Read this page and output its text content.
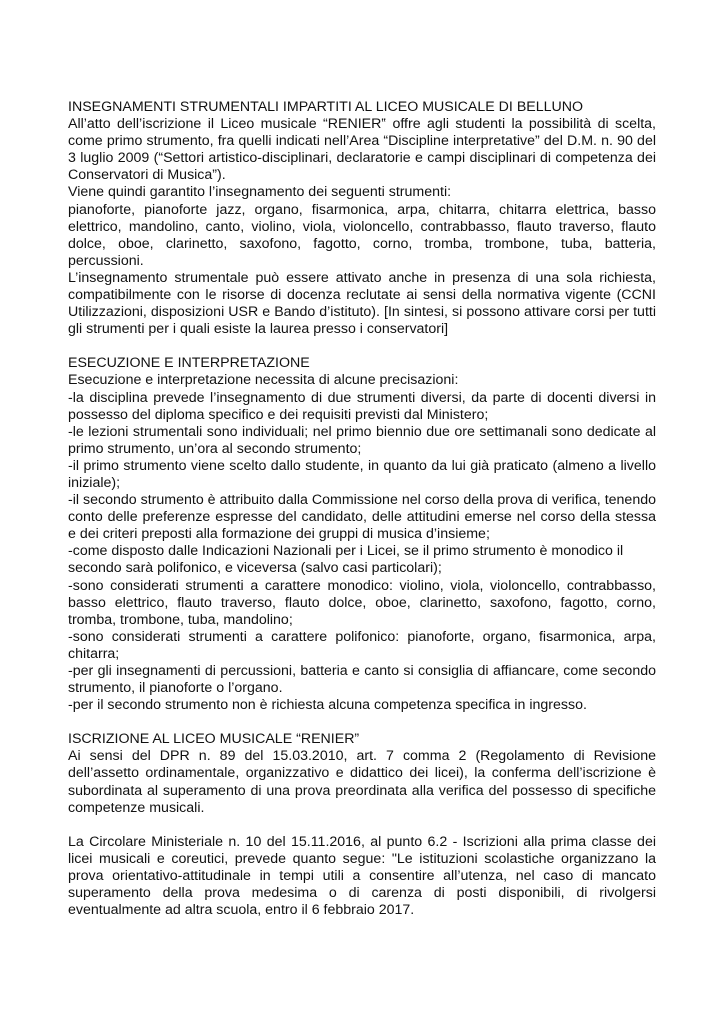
INSEGNAMENTI STRUMENTALI IMPARTITI AL LICEO MUSICALE DI BELLUNO

All’atto dell’iscrizione il Liceo musicale “RENIER‟ offre agli studenti la possibilità di scelta, come primo strumento, fra quelli indicati nell’Area “Discipline interpretative” del D.M. n. 90 del 3 luglio 2009 (“Settori artistico-disciplinari, declaratorie e campi disciplinari di competenza dei Conservatori di Musica”).

Viene quindi garantito l’insegnamento dei seguenti strumenti:

pianoforte, pianoforte jazz, organo, fisarmonica, arpa, chitarra, chitarra elettrica, basso elettrico, mandolino, canto, violino, viola, violoncello, contrabbasso, flauto traverso, flauto dolce, oboe, clarinetto, saxofono, fagotto, corno, tromba, trombone, tuba, batteria, percussioni.

L’insegnamento strumentale può essere attivato anche in presenza di una sola richiesta, compatibilmente con le risorse di docenza reclutate ai sensi della normativa vigente (CCNI Utilizzazioni, disposizioni USR e Bando d’istituto). [In sintesi, si possono attivare corsi per tutti gli strumenti per i quali esiste la laurea presso i conservatori]

ESECUZIONE E INTERPRETAZIONE

Esecuzione e interpretazione necessita di alcune precisazioni:

-la disciplina prevede l’insegnamento di due strumenti diversi, da parte di docenti diversi in possesso del diploma specifico e dei requisiti previsti dal Ministero;

-le lezioni strumentali sono individuali; nel primo biennio due ore settimanali sono dedicate al primo strumento, un’ora al secondo strumento;

-il primo strumento viene scelto dallo studente, in quanto da lui già praticato (almeno a livello iniziale);

-il secondo strumento è attribuito dalla Commissione nel corso della prova di verifica, tenendo conto delle preferenze espresse del candidato, delle attitudini emerse nel corso della stessa e dei criteri preposti alla formazione dei gruppi di musica d’insieme;

-come disposto dalle Indicazioni Nazionali per i Licei, se il primo strumento è monodico il secondo sarà polifonico, e viceversa (salvo casi particolari);

-sono considerati strumenti a carattere monodico: violino, viola, violoncello, contrabbasso, basso elettrico, flauto traverso, flauto dolce, oboe, clarinetto, saxofono, fagotto, corno, tromba, trombone, tuba, mandolino;

-sono considerati strumenti a carattere polifonico: pianoforte, organo, fisarmonica, arpa, chitarra;

-per gli insegnamenti di percussioni, batteria e canto si consiglia di affiancare, come secondo strumento, il pianoforte o l’organo.

-per il secondo strumento non è richiesta alcuna competenza specifica in ingresso.

ISCRIZIONE AL LICEO MUSICALE “RENIER”

Ai sensi del DPR n. 89 del 15.03.2010, art. 7 comma 2 (Regolamento di Revisione dell’assetto ordinamentale, organizzativo e didattico dei licei), la conferma dell’iscrizione è subordinata al superamento di una prova preordinata alla verifica del possesso di specifiche competenze musicali.

La Circolare Ministeriale n. 10 del 15.11.2016, al punto 6.2 - Iscrizioni alla prima classe dei licei musicali e coreutici, prevede quanto segue: "Le istituzioni scolastiche organizzano la prova orientativo-attitudinale in tempi utili a consentire all’utenza, nel caso di mancato superamento della prova medesima o di carenza di posti disponibili, di rivolgersi eventualmente ad altra scuola, entro il 6 febbraio 2017.
